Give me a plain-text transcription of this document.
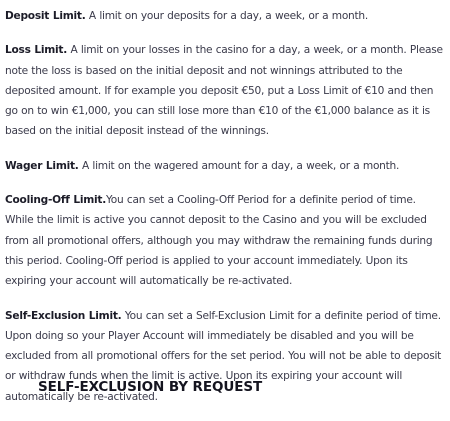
Deposit Limit. A limit on your deposits for a day, a week, or a month.

Loss Limit. A limit on your losses in the casino for a day, a week, or a month. Please note the loss is based on the initial deposit and not winnings attributed to the deposited amount. If for example you deposit €50, put a Loss Limit of €10 and then go on to win €1,000, you can still lose more than €10 of the €1,000 balance as it is based on the initial deposit instead of the winnings.

Wager Limit. A limit on the wagered amount for a day, a week, or a month.

Cooling-Off Limit.You can set a Cooling-Off Period for a definite period of time. While the limit is active you cannot deposit to the Casino and you will be excluded from all promotional offers, although you may withdraw the remaining funds during this period. Cooling-Off period is applied to your account immediately. Upon its expiring your account will automatically be re-activated.

Self-Exclusion Limit. You can set a Self-Exclusion Limit for a definite period of time. Upon doing so your Player Account will immediately be disabled and you will be excluded from all promotional offers for the set period. You will not be able to deposit or withdraw funds when the limit is active. Upon its expiring your account will automatically be re-activated.

SELF-EXCLUSION BY REQUEST
